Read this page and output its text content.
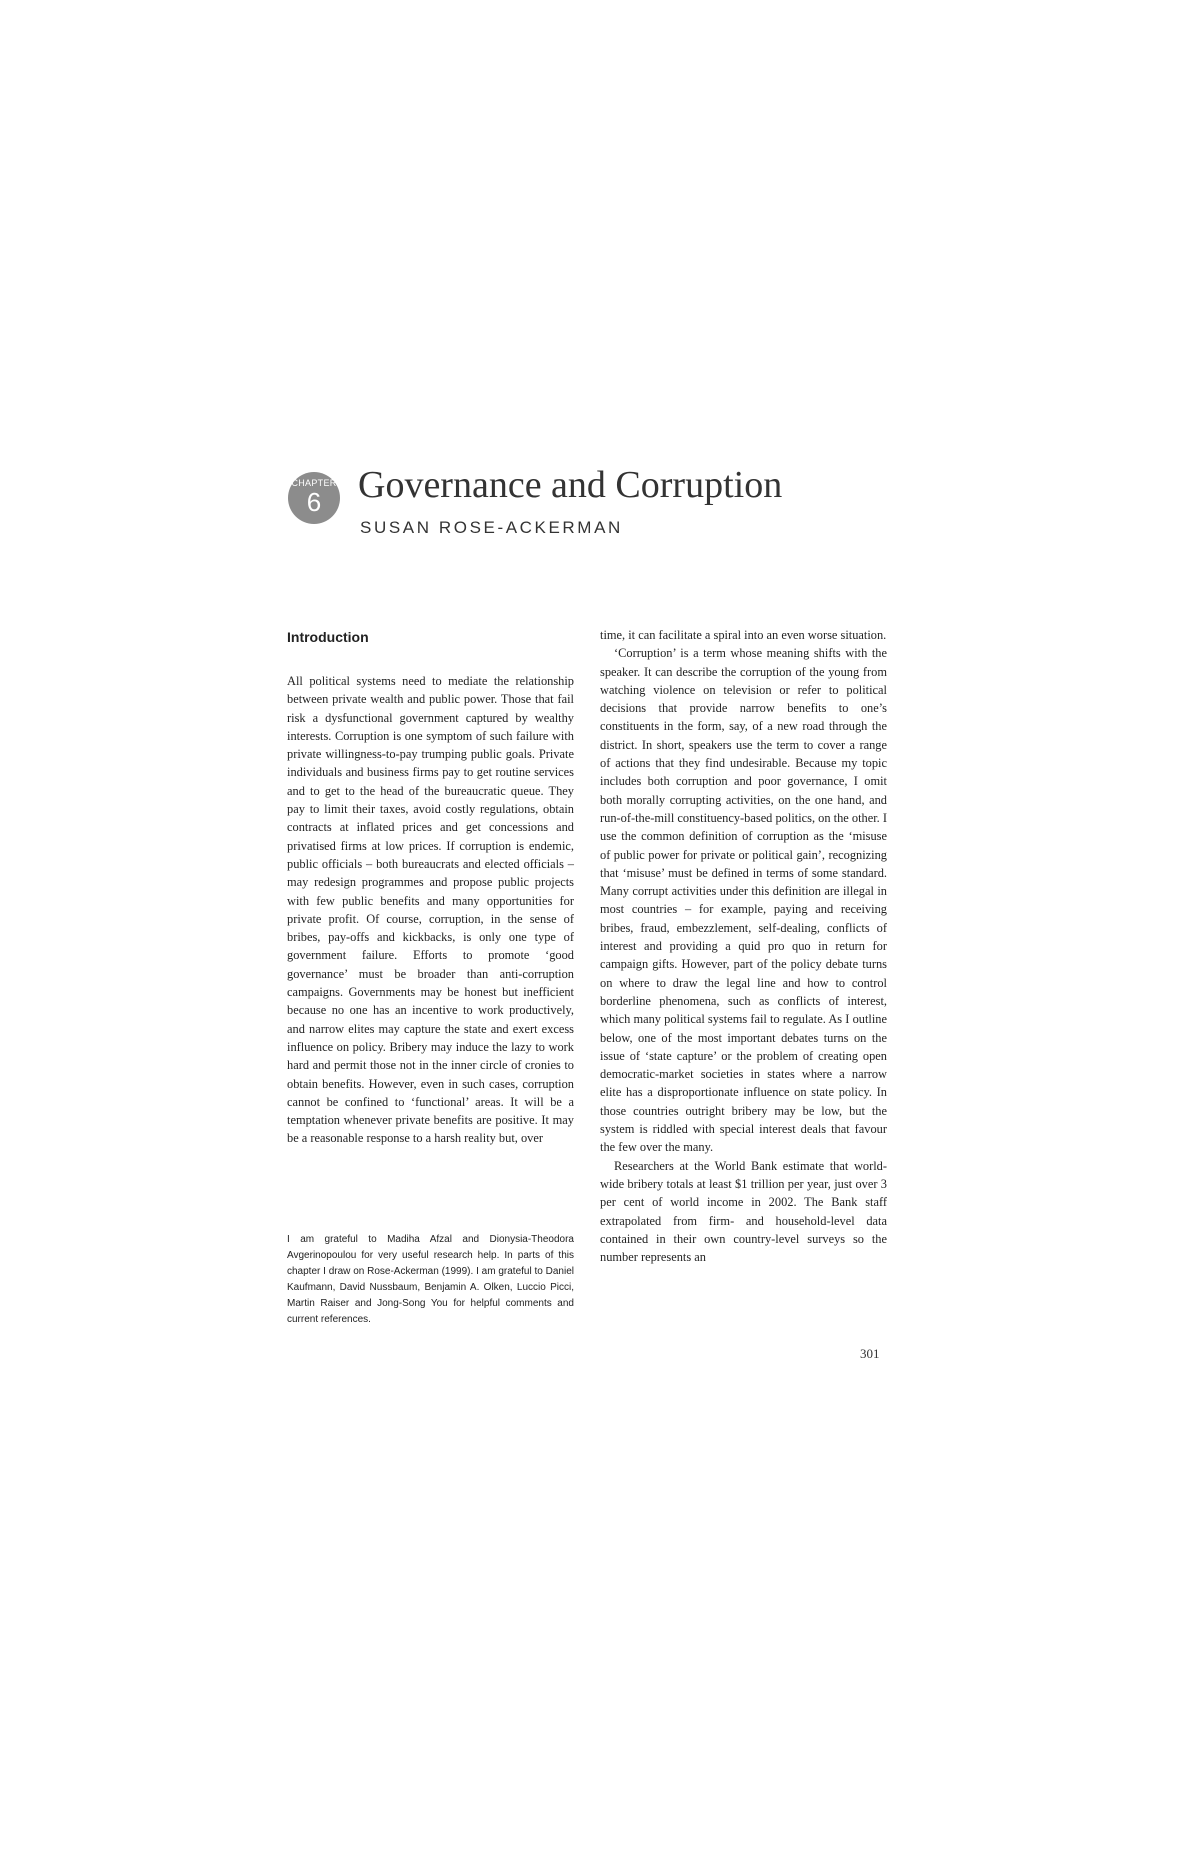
CHAPTER
6 Governance and Corruption
SUSAN ROSE-ACKERMAN
Introduction

All political systems need to mediate the relationship between private wealth and public power. Those that fail risk a dysfunctional government captured by wealthy interests. Corruption is one symptom of such failure with private willingness-to-pay trumping public goals. Private individuals and business firms pay to get routine services and to get to the head of the bureaucratic queue. They pay to limit their taxes, avoid costly regulations, obtain contracts at inflated prices and get concessions and privatised firms at low prices. If corruption is endemic, public officials – both bureaucrats and elected officials – may redesign programmes and propose public projects with few public benefits and many opportunities for private profit. Of course, corruption, in the sense of bribes, pay-offs and kickbacks, is only one type of government failure. Efforts to promote ‘good governance’ must be broader than anti-corruption campaigns. Governments may be honest but inefficient because no one has an incentive to work productively, and narrow elites may capture the state and exert excess influence on policy. Bribery may induce the lazy to work hard and permit those not in the inner circle of cronies to obtain benefits. However, even in such cases, corruption cannot be confined to ‘functional’ areas. It will be a temptation whenever private benefits are positive. It may be a reasonable response to a harsh reality but, over

time, it can facilitate a spiral into an even worse situation.

‘Corruption’ is a term whose meaning shifts with the speaker. It can describe the corruption of the young from watching violence on television or refer to political decisions that provide narrow benefits to one’s constituents in the form, say, of a new road through the district. In short, speakers use the term to cover a range of actions that they find undesirable. Because my topic includes both corruption and poor governance, I omit both morally corrupting activities, on the one hand, and run-of-the-mill constituency-based politics, on the other. I use the common definition of corruption as the ‘misuse of public power for private or political gain’, recognizing that ‘misuse’ must be defined in terms of some standard. Many corrupt activities under this definition are illegal in most countries – for example, paying and receiving bribes, fraud, embezzlement, self-dealing, conflicts of interest and providing a quid pro quo in return for campaign gifts. However, part of the policy debate turns on where to draw the legal line and how to control borderline phenomena, such as conflicts of interest, which many political systems fail to regulate. As I outline below, one of the most important debates turns on the issue of ‘state capture’ or the problem of creating open democratic-market societies in states where a narrow elite has a disproportionate influence on state policy. In those countries outright bribery may be low, but the system is riddled with special interest deals that favour the few over the many.

Researchers at the World Bank estimate that world-wide bribery totals at least $1 trillion per year, just over 3 per cent of world income in 2002. The Bank staff extrapolated from firm- and household-level data contained in their own country-level surveys so the number represents an

I am grateful to Madiha Afzal and Dionysia-Theodora Avgerinopoulou for very useful research help. In parts of this chapter I draw on Rose-Ackerman (1999). I am grateful to Daniel Kaufmann, David Nussbaum, Benjamin A. Olken, Luccio Picci, Martin Raiser and Jong-Song You for helpful comments and current references.

301
